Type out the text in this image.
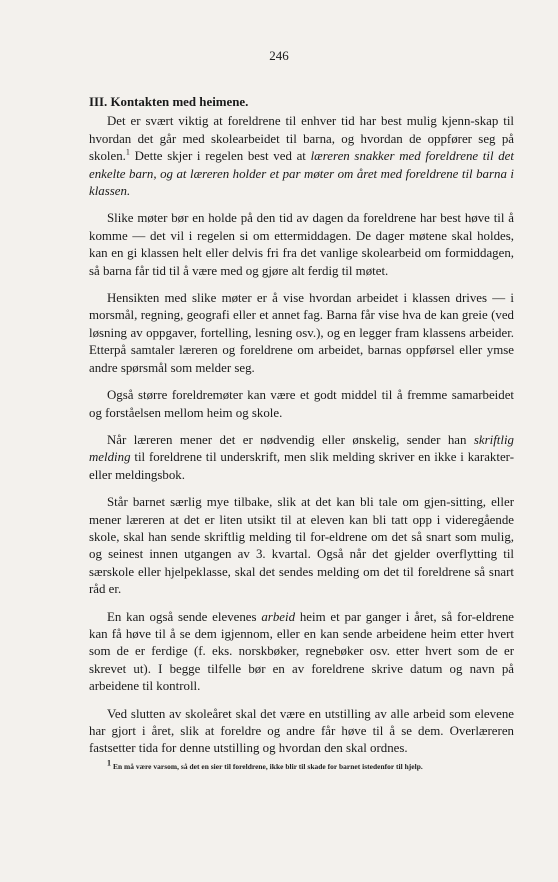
246
III. Kontakten med heimene.

Det er svært viktig at foreldrene til enhver tid har best mulig kjenn-skap til hvordan det går med skolearbeidet til barna, og hvordan de oppfører seg på skolen.$^1$ Dette skjer i regelen best ved at læreren snakker med foreldrene til det enkelte barn, og at læreren holder et par møter om året med foreldrene til barna i klassen.

Slike møter bør en holde på den tid av dagen da foreldrene har best høve til å komme — det vil i regelen si om ettermiddagen. De dager møtene skal holdes, kan en gi klassen helt eller delvis fri fra det vanlige skolearbeid om formiddagen, så barna får tid til å være med og gjøre alt ferdig til møtet.

Hensikten med slike møter er å vise hvordan arbeidet i klassen drives — i morsmål, regning, geografi eller et annet fag. Barna får vise hva de kan greie (ved løsning av oppgaver, fortelling, lesning osv.), og en legger fram klassens arbeider. Etterpå samtaler læreren og foreldrene om arbeidet, barnas oppførsel eller ymse andre spørsmål som melder seg.

Også større foreldremøter kan være et godt middel til å fremme samarbeidet og forståelsen mellom heim og skole.

Når læreren mener det er nødvendig eller ønskelig, sender han skriftlig melding til foreldrene til underskrift, men slik melding skriver en ikke i karakter- eller meldingsbok.

Står barnet særlig mye tilbake, slik at det kan bli tale om gjen-sitting, eller mener læreren at det er liten utsikt til at eleven kan bli tatt opp i videregående skole, skal han sende skriftlig melding til for-eldrene om det så snart som mulig, og seinest innen utgangen av 3. kvartal. Også når det gjelder overflytting til særskole eller hjelpeklasse, skal det sendes melding om det til foreldrene så snart råd er.

En kan også sende elevenes arbeid heim et par ganger i året, så for-eldrene kan få høve til å se dem igjennom, eller en kan sende arbeidene heim etter hvert som de er ferdige (f. eks. norskbøker, regnebøker osv. etter hvert som de er skrevet ut). I begge tilfelle bør en av foreldrene skrive datum og navn på arbeidene til kontroll.

Ved slutten av skoleåret skal det være en utstilling av alle arbeid som elevene har gjort i året, slik at foreldre og andre får høve til å se dem. Overlæreren fastsetter tida for denne utstilling og hvordan den skal ordnes.

$^1$ En må være varsom, så det en sier til foreldrene, ikke blir til skade for barnet istedenfor til hjelp.
